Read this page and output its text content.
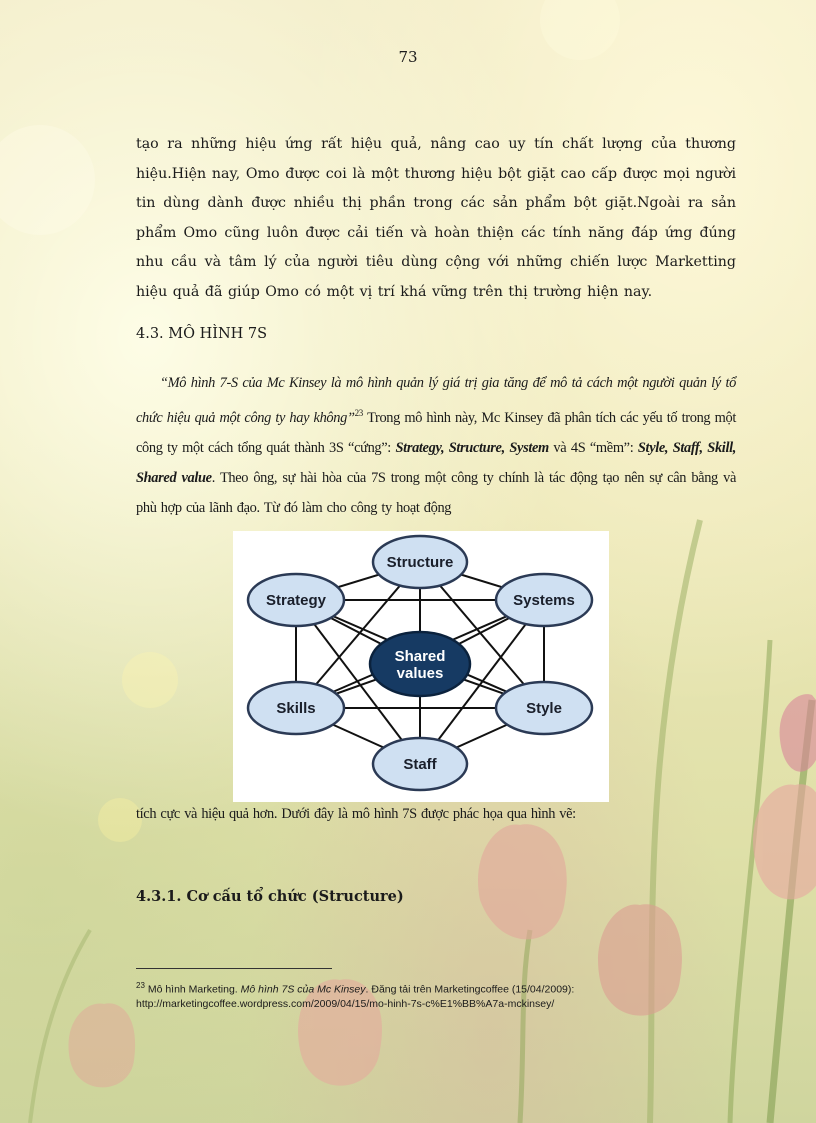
73

tạo ra những hiệu ứng rất hiệu quả, nâng cao uy tín chất lượng của thương hiệu.Hiện nay, Omo được coi là một thương hiệu bột giặt cao cấp được mọi người tin dùng dành được nhiều thị phần trong các sản phẩm bột giặt.Ngoài ra sản phẩm Omo cũng luôn được cải tiến và hoàn thiện các tính năng đáp ứng đúng nhu cầu và tâm lý của người tiêu dùng cộng với những chiến lược Marketting hiệu quả đã giúp Omo có một vị trí khá vững trên thị trường hiện nay.

4.3. MÔ HÌNH 7S

“Mô hình 7-S của Mc Kinsey là mô hình quản lý giá trị gia tăng để mô tả cách một người quản lý tổ chức hiệu quả một công ty hay không”$^{23}$ Trong mô hình này, Mc Kinsey đã phân tích các yếu tố trong một công ty một cách tổng quát thành 3S “cứng”: Strategy, Structure, System và 4S “mềm”: Style, Staff, Skill, Shared value. Theo ông, sự hài hòa của 7S trong một công ty chính là tác động tạo nên sự cân bằng và phù hợp của lãnh đạo. Từ đó làm cho công ty hoạt động

Structure
Strategy	Systems
Skills	Style
Staff
Shared
values

tích cực và hiệu quả hơn. Dưới đây là mô hình 7S được phác họa qua hình vẽ:

4.3.1. Cơ cấu tổ chức (Structure)

$^{23}$ Mô hình Marketing. Mô hình 7S của Mc Kinsey. Đăng tải trên Marketingcoffee (15/04/2009): http://marketingcoffee.wordpress.com/2009/04/15/mo-hinh-7s-c%E1%BB%A7a-mckinsey/
